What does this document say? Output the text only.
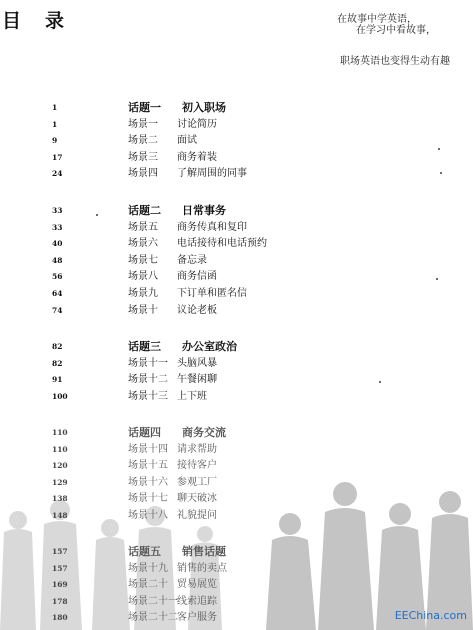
目录	在故事中学英语，
在学习中看故事，
职场英语也变得生动有趣
1	话题一	初入职场
1	场景一	讨论简历
9	场景二	面试
17	场景三	商务着装
24	场景四	了解周围的同事
33	话题二	日常事务
33	场景五	商务传真和复印
40	场景六	电话接待和电话预约
48	场景七	备忘录
56	场景八	商务信函
64	场景九	下订单和匿名信
74	场景十	议论老板
82	话题三	办公室政治
82	场景十一 头脑风暴
91	场景十二 午餐闲聊
100	场景十三 上下班
110	话题四	商务交流
110	场景十四 请求帮助
120	场景十五 接待客户
129	场景十六 参观工厂
138	场景十七 聊天破冰
148	场景十八 礼貌提问
157	话题五	销售话题
157	场景十九 销售的卖点
169	场景二十 贸易展览
178	场景二十一 线索追踪
180	场景二十二 客户服务	EEChina.com
